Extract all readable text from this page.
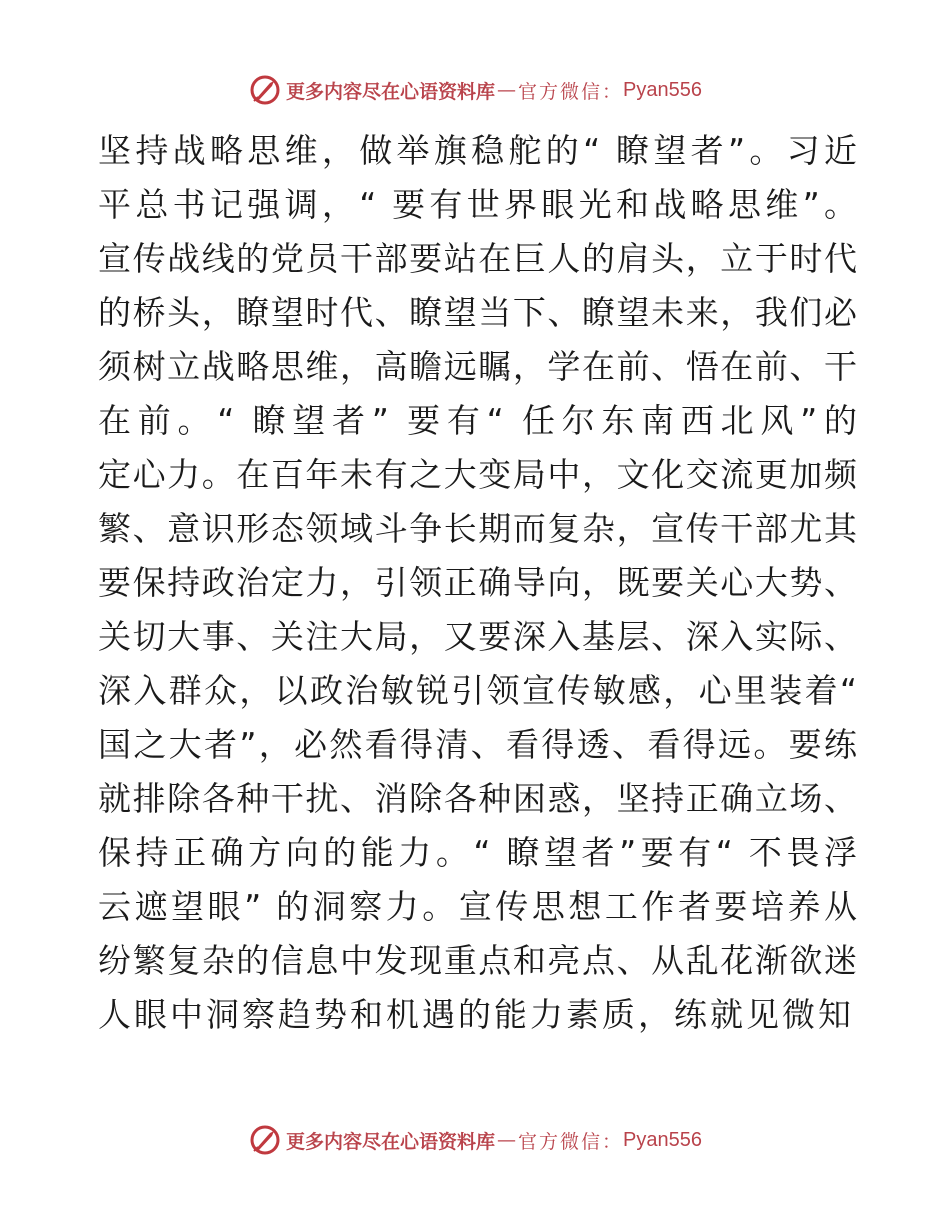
更多内容尽在心语资料库 — 官方微信： Pyan556
坚持战略思维，做举旗稳舵的“ 瞭望者”。习近
平总书记强调，“ 要有世界眼光和战略思维”。
宣传战线的党员干部要站在巨人的肩头，立于时代
的桥头，瞭望时代、瞭望当下、瞭望未来，我们必
须树立战略思维，高瞻远瞩，学在前、悟在前、干
在前。“ 瞭望者” 要有“ 任尔东南西北风”的
定心力。在百年未有之大变局中，文化交流更加频
繁、意识形态领域斗争长期而复杂，宣传干部尤其
要保持政治定力，引领正确导向，既要关心大势、
关切大事、关注大局，又要深入基层、深入实际、
深入群众，以政治敏锐引领宣传敏感，心里装着“
国之大者”，必然看得清、看得透、看得远。要练
就排除各种干扰、消除各种困惑，坚持正确立场、
保持正确方向的能力。“ 瞭望者”要有“ 不畏浮
云遮望眼” 的洞察力。宣传思想工作者要培养从
纷繁复杂的信息中发现重点和亮点、从乱花渐欲迷
人眼中洞察趋势和机遇的能力素质，练就见微知
更多内容尽在心语资料库 — 官方微信： Pyan556
